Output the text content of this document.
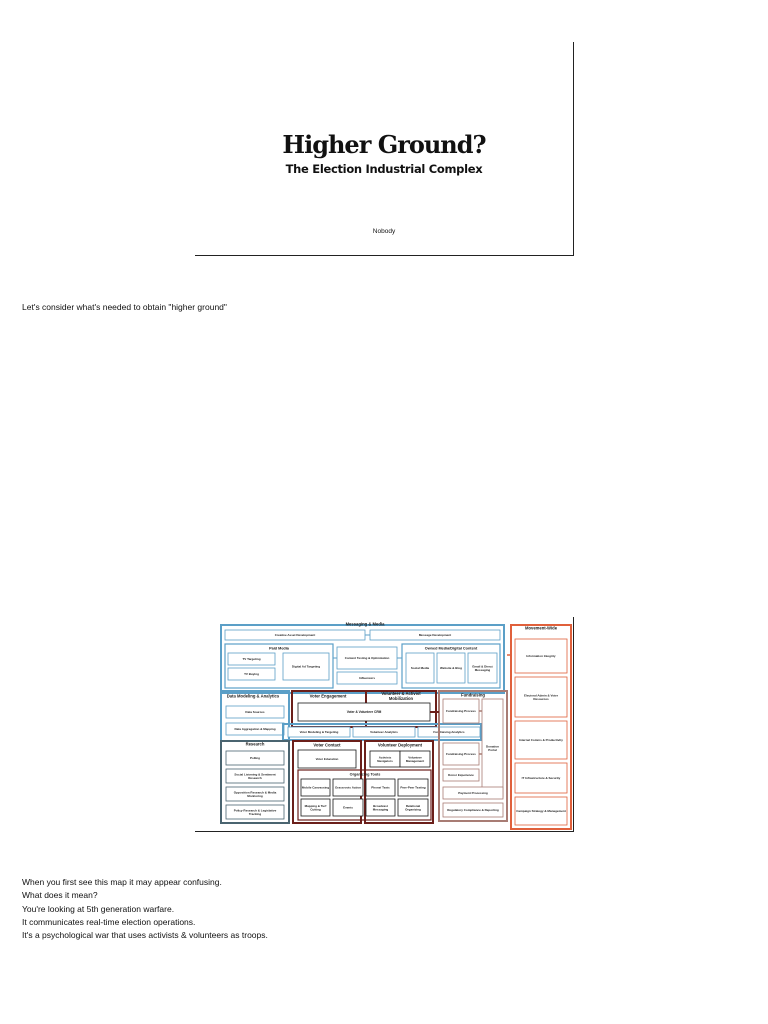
Higher Ground?
The Election Industrial Complex
Nobody
Let's consider what's needed to obtain "higher ground"
Messaging & Media
Creative Asset Development	Message Development
Paid Media
TV Targeting
TV Buying
Digital Ad Targeting
Content Testing & Optimization
Influencers
Owned Media/Digital Content
Social Media	Website & Blog	Email & Direct Messaging
Movement-Wide
Information Integrity
Electoral Admin & Voter Resources
Internal Comms & Productivity
IT Infrastructure & Security
Campaign Strategy & Management
Data Modeling & Analytics
Data Sources
Data Aggregation & Mapping
Voter Engagement	Volunteer & Activist Mobilization
Voter & Volunteer CRM
Voter Modeling & Targeting	Volunteer Analytics	Fundraising Analytics
Fundraising
Fundraising Process
Donation Portal
Fundraising Process
Donor Experience
Payment Processing
Regulatory Compliance & Reporting
Research
Polling
Social Listening & Sentiment Research
Opposition Research & Media Monitoring
Policy Research & Legislative Tracking
Voter Contact
Voter Education
Volunteer Deployment
Activists Navigators
Volunteer Management
Organizing Tools
Mobile Canvassing Grassroots Action	Phone/ Texts	Peer-Peer Texting
Mapping & Turf Cutting	Events	Broadcast Messaging
Relational Organizing
When you first see this map it may appear confusing.
What does it mean?
You're looking at 5th generation warfare.
It communicates real-time election operations.
It's a psychological war that uses activists & volunteers as troops.
